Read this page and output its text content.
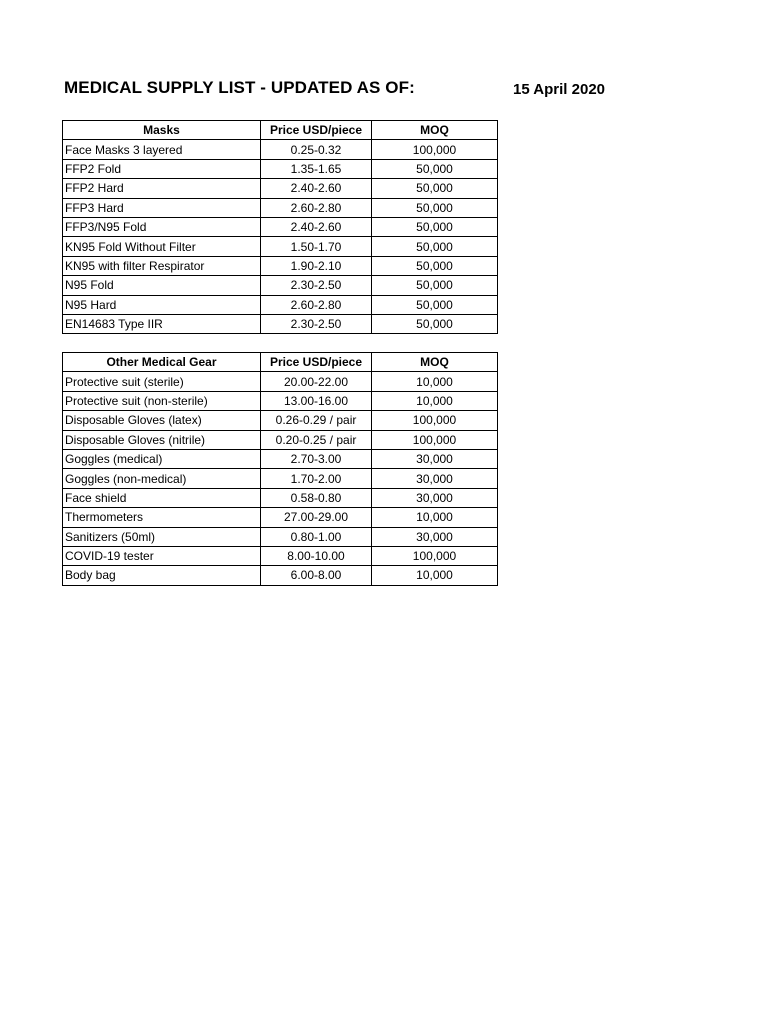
MEDICAL SUPPLY LIST - UPDATED AS OF:	15 April 2020
Masks	Price USD/piece	MOQ
Face Masks 3 layered	0.25-0.32	100,000
FFP2 Fold	1.35-1.65	50,000
FFP2 Hard	2.40-2.60	50,000
FFP3 Hard	2.60-2.80	50,000
FFP3/N95 Fold	2.40-2.60	50,000
KN95 Fold Without Filter	1.50-1.70	50,000
KN95 with filter Respirator	1.90-2.10	50,000
N95 Fold	2.30-2.50	50,000
N95 Hard	2.60-2.80	50,000
EN14683 Type IIR	2.30-2.50	50,000
Other Medical Gear	Price USD/piece	MOQ
Protective suit (sterile)	20.00-22.00	10,000
Protective suit (non-sterile)	13.00-16.00	10,000
Disposable Gloves (latex)	0.26-0.29 / pair	100,000
Disposable Gloves (nitrile)	0.20-0.25 / pair	100,000
Goggles (medical)	2.70-3.00	30,000
Goggles (non-medical)	1.70-2.00	30,000
Face shield	0.58-0.80	30,000
Thermometers	27.00-29.00	10,000
Sanitizers (50ml)	0.80-1.00	30,000
COVID-19 tester	8.00-10.00	100,000
Body bag	6.00-8.00	10,000
